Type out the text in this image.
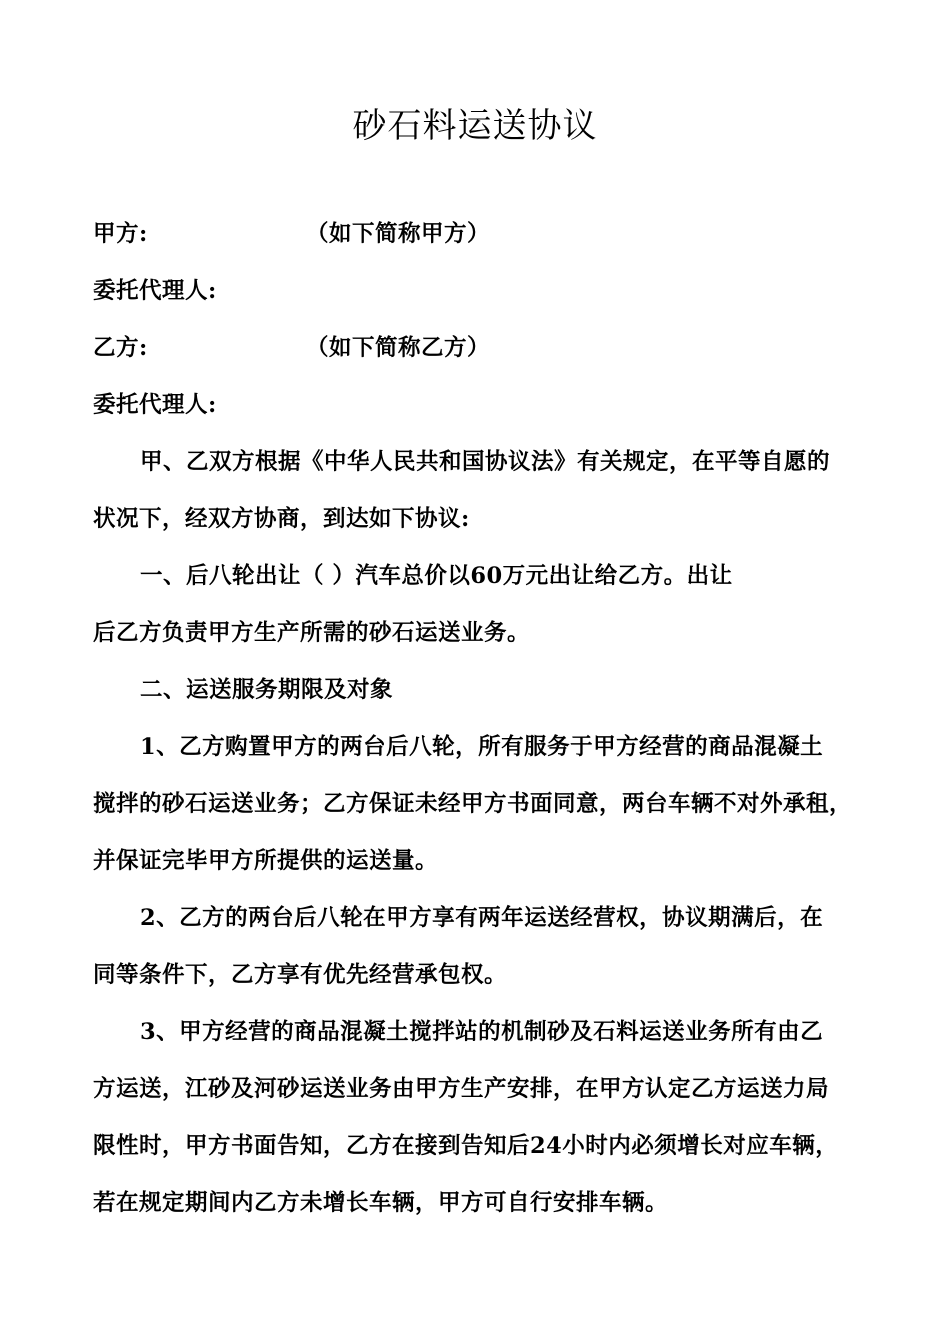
砂石料运送协议
甲方:	（如下简称甲方）
委托代理人:
乙方:	（如下简称乙方）
委托代理人:
甲、乙双方根据《中华人民共和国协议法》有关规定，在平等自愿的
状况下，经双方协商，到达如下协议:
一、后八轮出让（ ）汽车总价以60万元出让给乙方。出让
后乙方负责甲方生产所需的砂石运送业务。
二、运送服务期限及对象
1、乙方购置甲方的两台后八轮，所有服务于甲方经营的商品混凝土
搅拌的砂石运送业务；乙方保证未经甲方书面同意，两台车辆不对外承租，
并保证完毕甲方所提供的运送量。
2、乙方的两台后八轮在甲方享有两年运送经营权，协议期满后，在
同等条件下，乙方享有优先经营承包权。
3、甲方经营的商品混凝土搅拌站的机制砂及石料运送业务所有由乙
方运送，江砂及河砂运送业务由甲方生产安排，在甲方认定乙方运送力局
限性时，甲方书面告知，乙方在接到告知后24小时内必须增长对应车辆，
若在规定期间内乙方未增长车辆，甲方可自行安排车辆。
